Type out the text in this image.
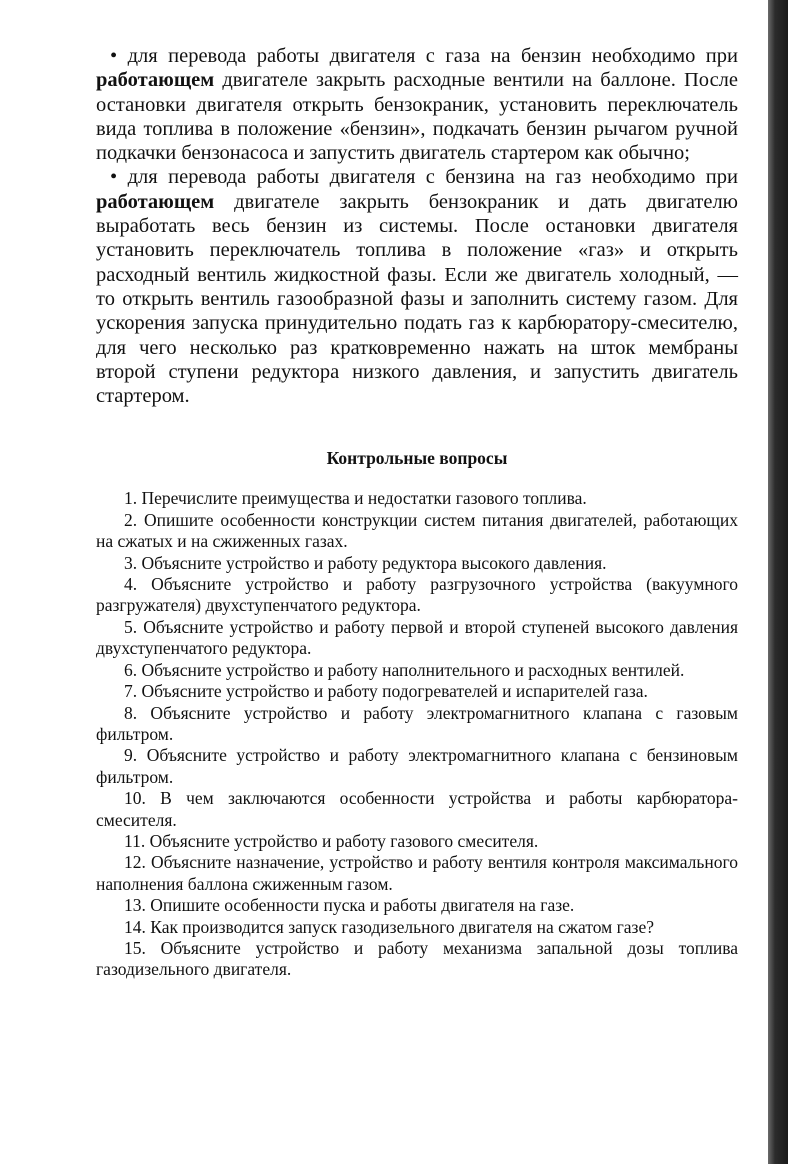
• для перевода работы двигателя с газа на бензин необходимо при работающем двигателе закрыть расходные вентили на баллоне. После остановки двигателя открыть бензокраник, установить переключатель вида топлива в положение «бензин», подкачать бензин рычагом ручной подкачки бензонасоса и запустить двигатель стартером как обычно;

• для перевода работы двигателя с бензина на газ необходимо при работающем двигателе закрыть бензокраник и дать двигателю выработать весь бензин из системы. После остановки двигателя установить переключатель топлива в положение «газ» и открыть расходный вентиль жидкостной фазы. Если же двигатель холодный, — то открыть вентиль газообразной фазы и заполнить систему газом. Для ускорения запуска принудительно подать газ к карбюратору-смесителю, для чего несколько раз кратковременно нажать на шток мембраны второй ступени редуктора низкого давления, и запустить двигатель стартером.

Контрольные вопросы

1. Перечислите преимущества и недостатки газового топлива.

2. Опишите особенности конструкции систем питания двигателей, работающих на сжатых и на сжиженных газах.

3. Объясните устройство и работу редуктора высокого давления.

4. Объясните устройство и работу разгрузочного устройства (вакуумного разгружателя) двухступенчатого редуктора.

5. Объясните устройство и работу первой и второй ступеней высокого давления двухступенчатого редуктора.

6. Объясните устройство и работу наполнительного и расходных вентилей.

7. Объясните устройство и работу подогревателей и испарителей газа.

8. Объясните устройство и работу электромагнитного клапана с газовым фильтром.

9. Объясните устройство и работу электромагнитного клапана с бензиновым фильтром.

10. В чем заключаются особенности устройства и работы карбюратора-смесителя.

11. Объясните устройство и работу газового смесителя.

12. Объясните назначение, устройство и работу вентиля контроля максимального наполнения баллона сжиженным газом.

13. Опишите особенности пуска и работы двигателя на газе.

14. Как производится запуск газодизельного двигателя на сжатом газе?

15. Объясните устройство и работу механизма запальной дозы топлива газодизельного двигателя.
